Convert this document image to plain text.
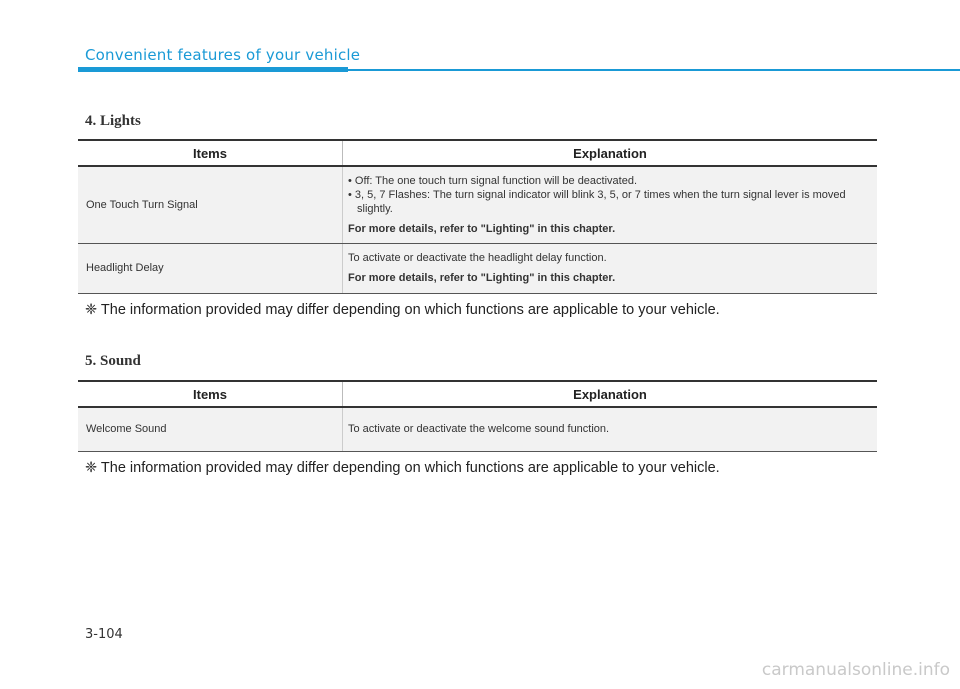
Convenient features of your vehicle
4. Lights
Items	Explanation
One Touch Turn Signal	• Off: The one touch turn signal function will be deactivated.
• 3, 5, 7 Flashes: The turn signal indicator will blink 3, 5, or 7 times when the turn signal lever is moved slightly.
For more details, refer to "Lighting" in this chapter.

Headlight Delay	To activate or deactivate the headlight delay function.
For more details, refer to "Lighting" in this chapter.
❈ The information provided may differ depending on which functions are applicable to your vehicle.
5. Sound
Items	Explanation
Welcome Sound	To activate or deactivate the welcome sound function.
❈ The information provided may differ depending on which functions are applicable to your vehicle.
3-104
carmanualsonline.info
